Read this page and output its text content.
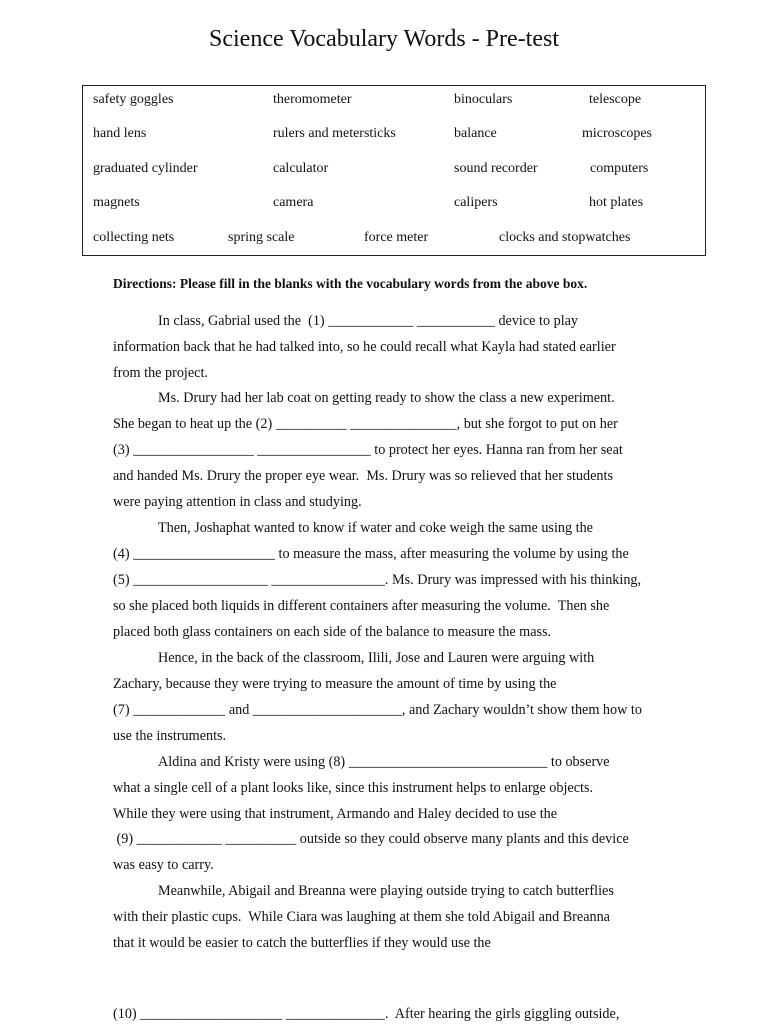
Science Vocabulary Words - Pre-test
safety goggles	theromometer	binoculars	telescope
hand lens	rulers and metersticks	balance	microscopes
graduated cylinder	calculator	sound recorder	computers
magnets	camera	calipers	hot plates
collecting nets	spring scale	force meter	clocks and stopwatches
Directions: Please fill in the blanks with the vocabulary words from the above box.
In class, Gabrial used the  (1) ____________ ___________ device to play
information back that he had talked into, so he could recall what Kayla had stated earlier
from the project.
Ms. Drury had her lab coat on getting ready to show the class a new experiment.
She began to heat up the (2) __________ _______________, but she forgot to put on her
(3) _________________ ________________ to protect her eyes. Hanna ran from her seat
and handed Ms. Drury the proper eye wear.  Ms. Drury was so relieved that her students
were paying attention in class and studying.
Then, Joshaphat wanted to know if water and coke weigh the same using the
(4) ____________________ to measure the mass, after measuring the volume by using the
(5) ___________________ ________________. Ms. Drury was impressed with his thinking,
so she placed both liquids in different containers after measuring the volume.  Then she
placed both glass containers on each side of the balance to measure the mass.
Hence, in the back of the classroom, Ilili, Jose and Lauren were arguing with
Zachary, because they were trying to measure the amount of time by using the
(7) _____________ and _____________________, and Zachary wouldn’t show them how to
use the instruments.
Aldina and Kristy were using (8) ____________________________ to observe
what a single cell of a plant looks like, since this instrument helps to enlarge objects.
While they were using that instrument, Armando and Haley decided to use the
(9) ____________ __________ outside so they could observe many plants and this device
was easy to carry.
Meanwhile, Abigail and Breanna were playing outside trying to catch butterflies
with their plastic cups.  While Ciara was laughing at them she told Abigail and Breanna
that it would be easier to catch the butterflies if they would use the
(10) ____________________ ______________.  After hearing the girls giggling outside,
